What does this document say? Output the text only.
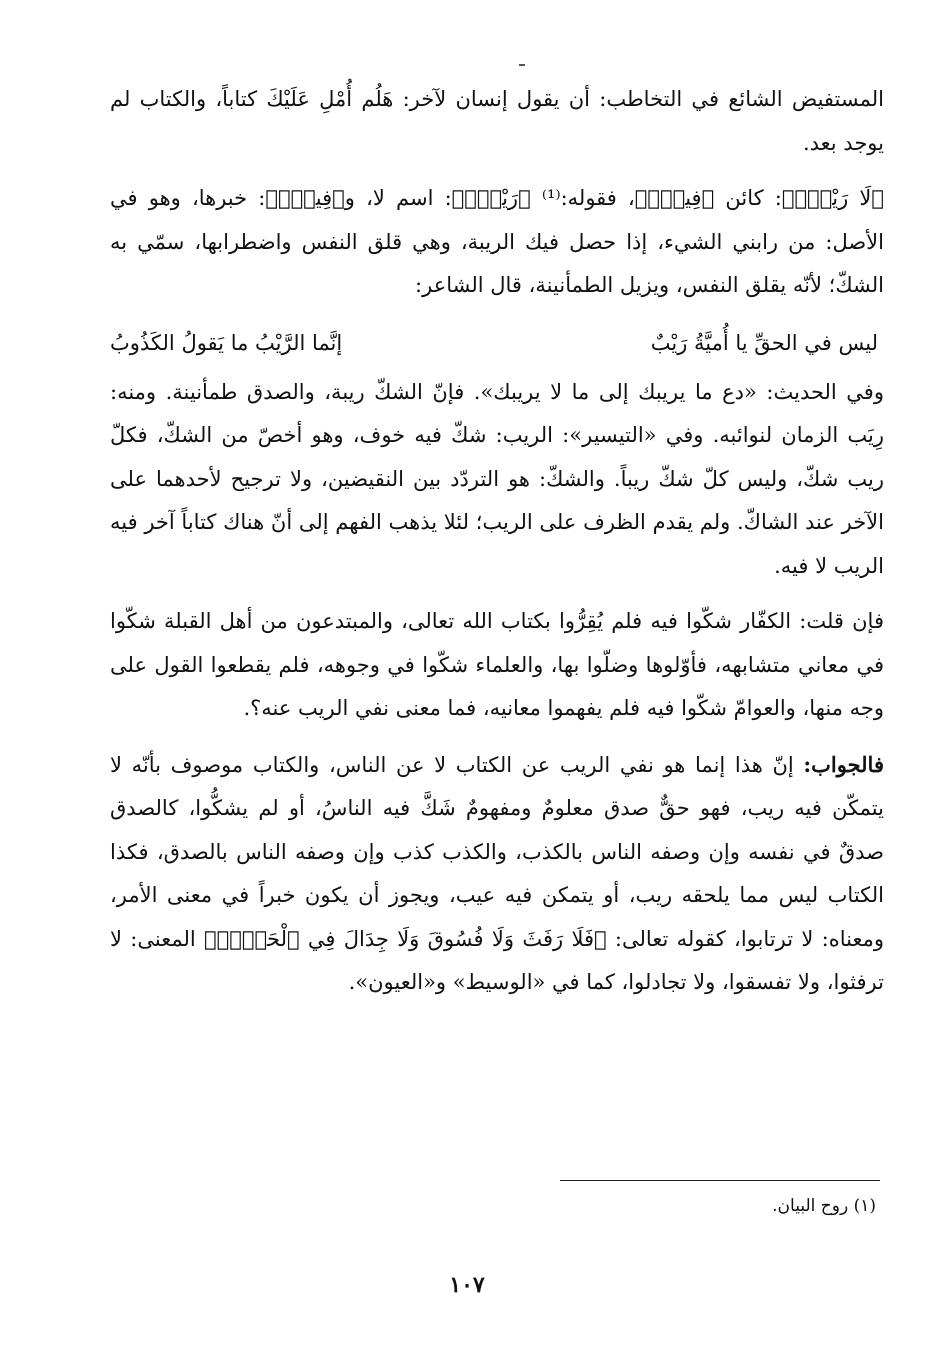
المستفيض الشائع في التخاطب: أن يقول إنسان لآخر: هَلُم أُمْلِ عَلَيْكَ كتاباً، والكتاب لم يوجد بعد.

﴿لَا رَيْبَۛ﴾: كائن ﴿فِيهِۛ﴾، فقوله:⁽¹⁾ ﴿رَيْبَۛ﴾: اسم لا، و﴿فِيهِۛ﴾: خبرها، وهو في الأصل: من رابني الشيء، إذا حصل فيك الريبة، وهي قلق النفس واضطرابها، سمّي به الشكّ؛ لأنّه يقلق النفس، ويزيل الطمأنينة، قال الشاعر:

ليس في الحقِّ يا أُميَّةُ رَيْبٌ
إنَّما الرَّيْبُ ما يَقولُ الكَذُوبُ

وفي الحديث: «دع ما يريبك إلى ما لا يريبك». فإنّ الشكّ ريبة، والصدق طمأنينة. ومنه: رِيَب الزمان لنوائبه. وفي «التيسير»: الريب: شكّ فيه خوف، وهو أخصّ من الشكّ، فكلّ ريب شكّ، وليس كلّ شكّ ريباً. والشكّ: هو التردّد بين النقيضين، ولا ترجيح لأحدهما على الآخر عند الشاكّ. ولم يقدم الظرف على الريب؛ لئلا يذهب الفهم إلى أنّ هناك كتاباً آخر فيه الريب لا فيه.

فإن قلت: الكفّار شكّوا فيه فلم يُقِرُّوا بكتاب الله تعالى، والمبتدعون من أهل القبلة شكّوا في معاني متشابهه، فأوّلوها وضلّوا بها، والعلماء شكّوا في وجوهه، فلم يقطعوا القول على وجه منها، والعوامّ شكّوا فيه فلم يفهموا معانيه، فما معنى نفي الريب عنه؟.

فالجواب: إنّ هذا إنما هو نفي الريب عن الكتاب لا عن الناس، والكتاب موصوف بأنّه لا يتمكّن فيه ريب، فهو حقٌّ صدق معلومٌ ومفهومٌ شَكَّ فيه الناسُ، أو لم يشكُّوا، كالصدق صدقٌ في نفسه وإن وصفه الناس بالكذب، والكذب كذب وإن وصفه الناس بالصدق، فكذا الكتاب ليس مما يلحقه ريب، أو يتمكن فيه عيب، ويجوز أن يكون خبراً في معنى الأمر، ومعناه: لا ترتابوا، كقوله تعالى: ﴿فَلَا رَفَثَ وَلَا فُسُوقَ وَلَا جِدَالَ فِي ٱلْحَجِّۗ﴾ المعنى: لا ترفثوا، ولا تفسقوا، ولا تجادلوا، كما في «الوسيط» و«العيون».

(١) روح البيان.
١٠٧
